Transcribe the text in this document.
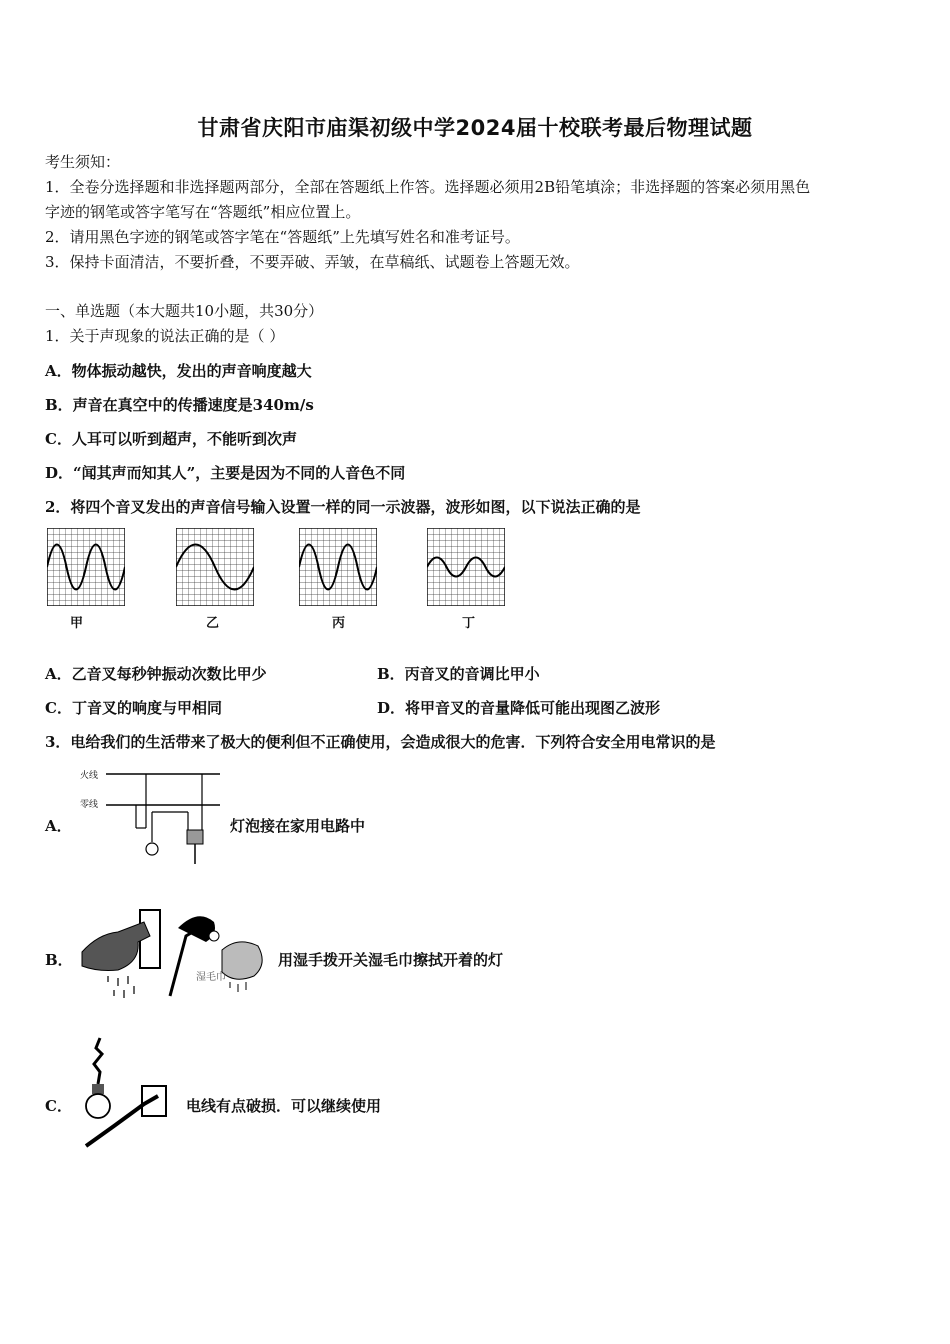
甘肃省庆阳市庙渠初级中学2024届十校联考最后物理试题
考生须知：
1．全卷分选择题和非选择题两部分，全部在答题纸上作答。选择题必须用2B铅笔填涂；非选择题的答案必须用黑色
字迹的钢笔或答字笔写在“答题纸”相应位置上。
2．请用黑色字迹的钢笔或答字笔在“答题纸”上先填写姓名和准考证号。
3．保持卡面清洁，不要折叠，不要弄破、弄皱，在草稿纸、试题卷上答题无效。
一、单选题（本大题共10小题，共30分）
1．关于声现象的说法正确的是（ ）
A．物体振动越快，发出的声音响度越大
B．声音在真空中的传播速度是340m/s
C．人耳可以听到超声，不能听到次声
D．“闻其声而知其人”，主要是因为不同的人音色不同
2．将四个音叉发出的声音信号输入设置一样的同一示波器，波形如图，以下说法正确的是
甲	乙	丙	丁
A．乙音叉每秒钟振动次数比甲少	B．丙音叉的音调比甲小
C．丁音叉的响度与甲相同	D．将甲音叉的音量降低可能出现图乙波形
3．电给我们的生活带来了极大的便利但不正确使用，会造成很大的危害．下列符合安全用电常识的是
A．
火线
零线
灯泡接在家用电路中
B．
湿毛巾
用湿手拨开关湿毛巾擦拭开着的灯
C．	电线有点破损．可以继续使用
